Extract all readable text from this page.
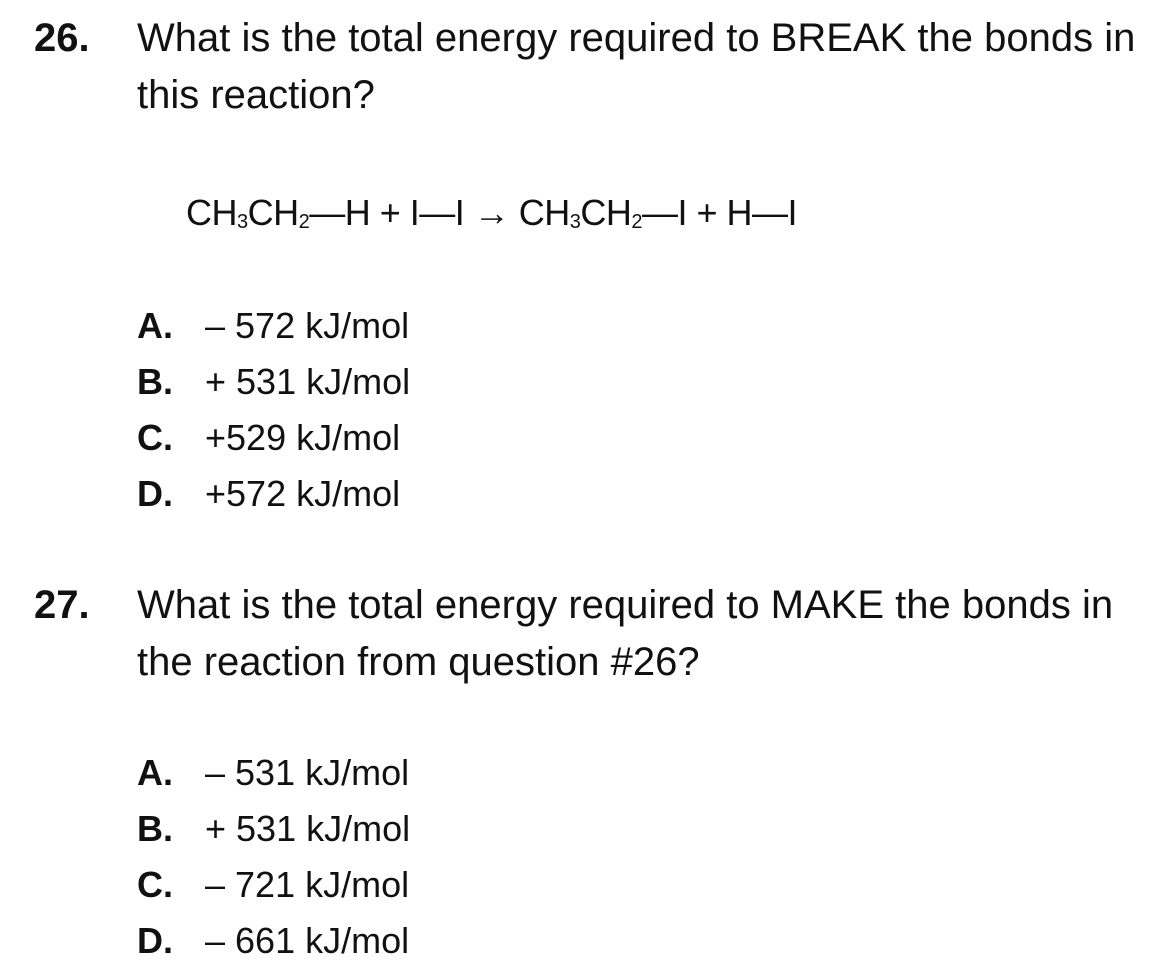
26. What is the total energy required to BREAK the bonds in this reaction?
$CH_3CH_2—H$ + I—I → $CH_3CH_2—I$ + H—I
A. – 572 kJ/mol
B. + 531 kJ/mol
C. +529 kJ/mol
D. +572 kJ/mol
27. What is the total energy required to MAKE the bonds in the reaction from question #26?
A. – 531 kJ/mol
B. + 531 kJ/mol
C. – 721 kJ/mol
D. – 661 kJ/mol
